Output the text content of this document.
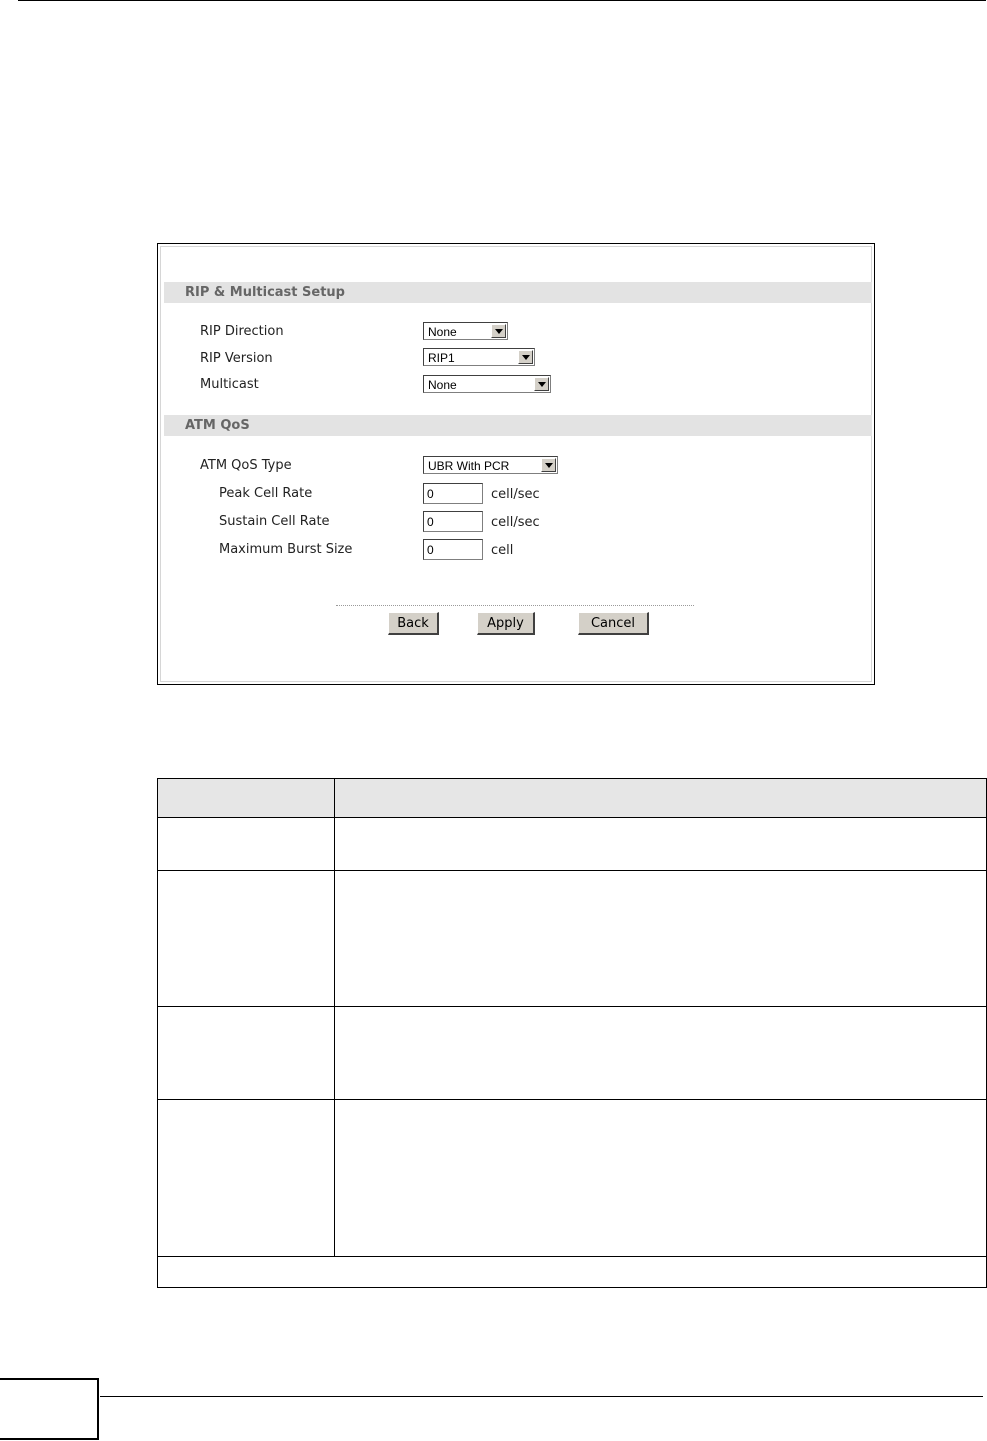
RIP & Multicast Setup
RIP Direction	None
RIP Version	RIP1
Multicast	None
ATM QoS
ATM QoS Type	UBR With PCR
Peak Cell Rate	0	cell/sec
Sustain Cell Rate	0	cell/sec
Maximum Burst Size	0	cell
Back	Apply	Cancel
